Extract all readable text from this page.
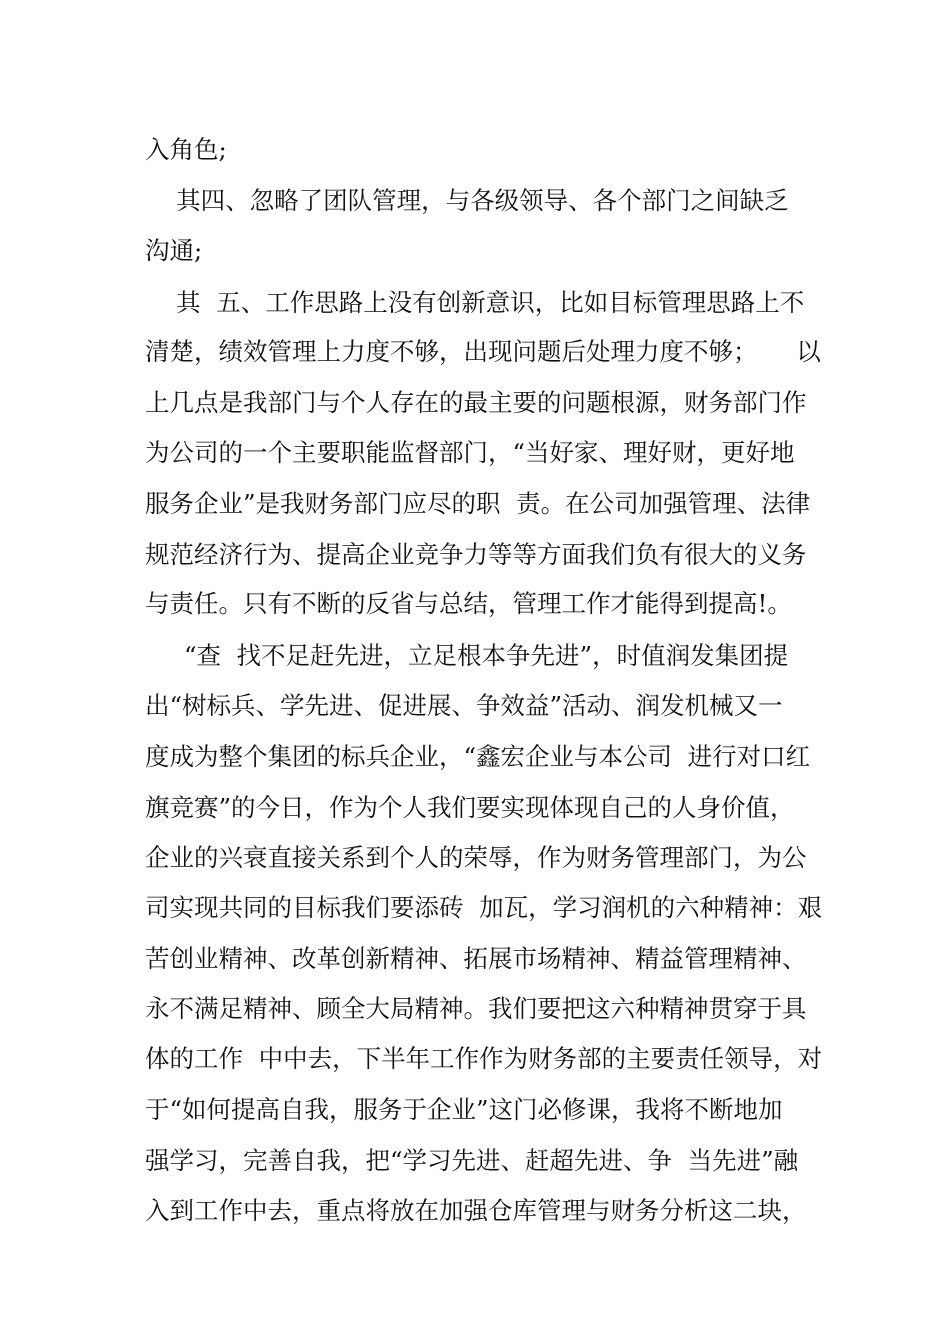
入角色;
其四、忽略了团队管理，与各级领导、各个部门之间缺乏
沟通;
其  五、工作思路上没有创新意识，比如目标管理思路上不
清楚，绩效管理上力度不够，出现问题后处理力度不够；     以
上几点是我部门与个人存在的最主要的问题根源，财务部门作
为公司的一个主要职能监督部门，“当好家、理好财，更好地
服务企业”是我财务部门应尽的职  责。在公司加强管理、法律
规范经济行为、提高企业竞争力等等方面我们负有很大的义务
与责任。只有不断的反省与总结，管理工作才能得到提高!。
“查  找不足赶先进，立足根本争先进”，时值润发集团提
出“树标兵、学先进、促进展、争效益”活动、润发机械又一
度成为整个集团的标兵企业，“鑫宏企业与本公司  进行对口红
旗竞赛”的今日，作为个人我们要实现体现自己的人身价值，
企业的兴衰直接关系到个人的荣辱，作为财务管理部门，为公
司实现共同的目标我们要添砖  加瓦，学习润机的六种精神：艰
苦创业精神、改革创新精神、拓展市场精神、精益管理精神、
永不满足精神、顾全大局精神。我们要把这六种精神贯穿于具
体的工作  中中去，下半年工作作为财务部的主要责任领导，对
于“如何提高自我，服务于企业”这门必修课，我将不断地加
强学习，完善自我，把“学习先进、赶超先进、争  当先进”融
入到工作中去，重点将放在加强仓库管理与财务分析这二块，
